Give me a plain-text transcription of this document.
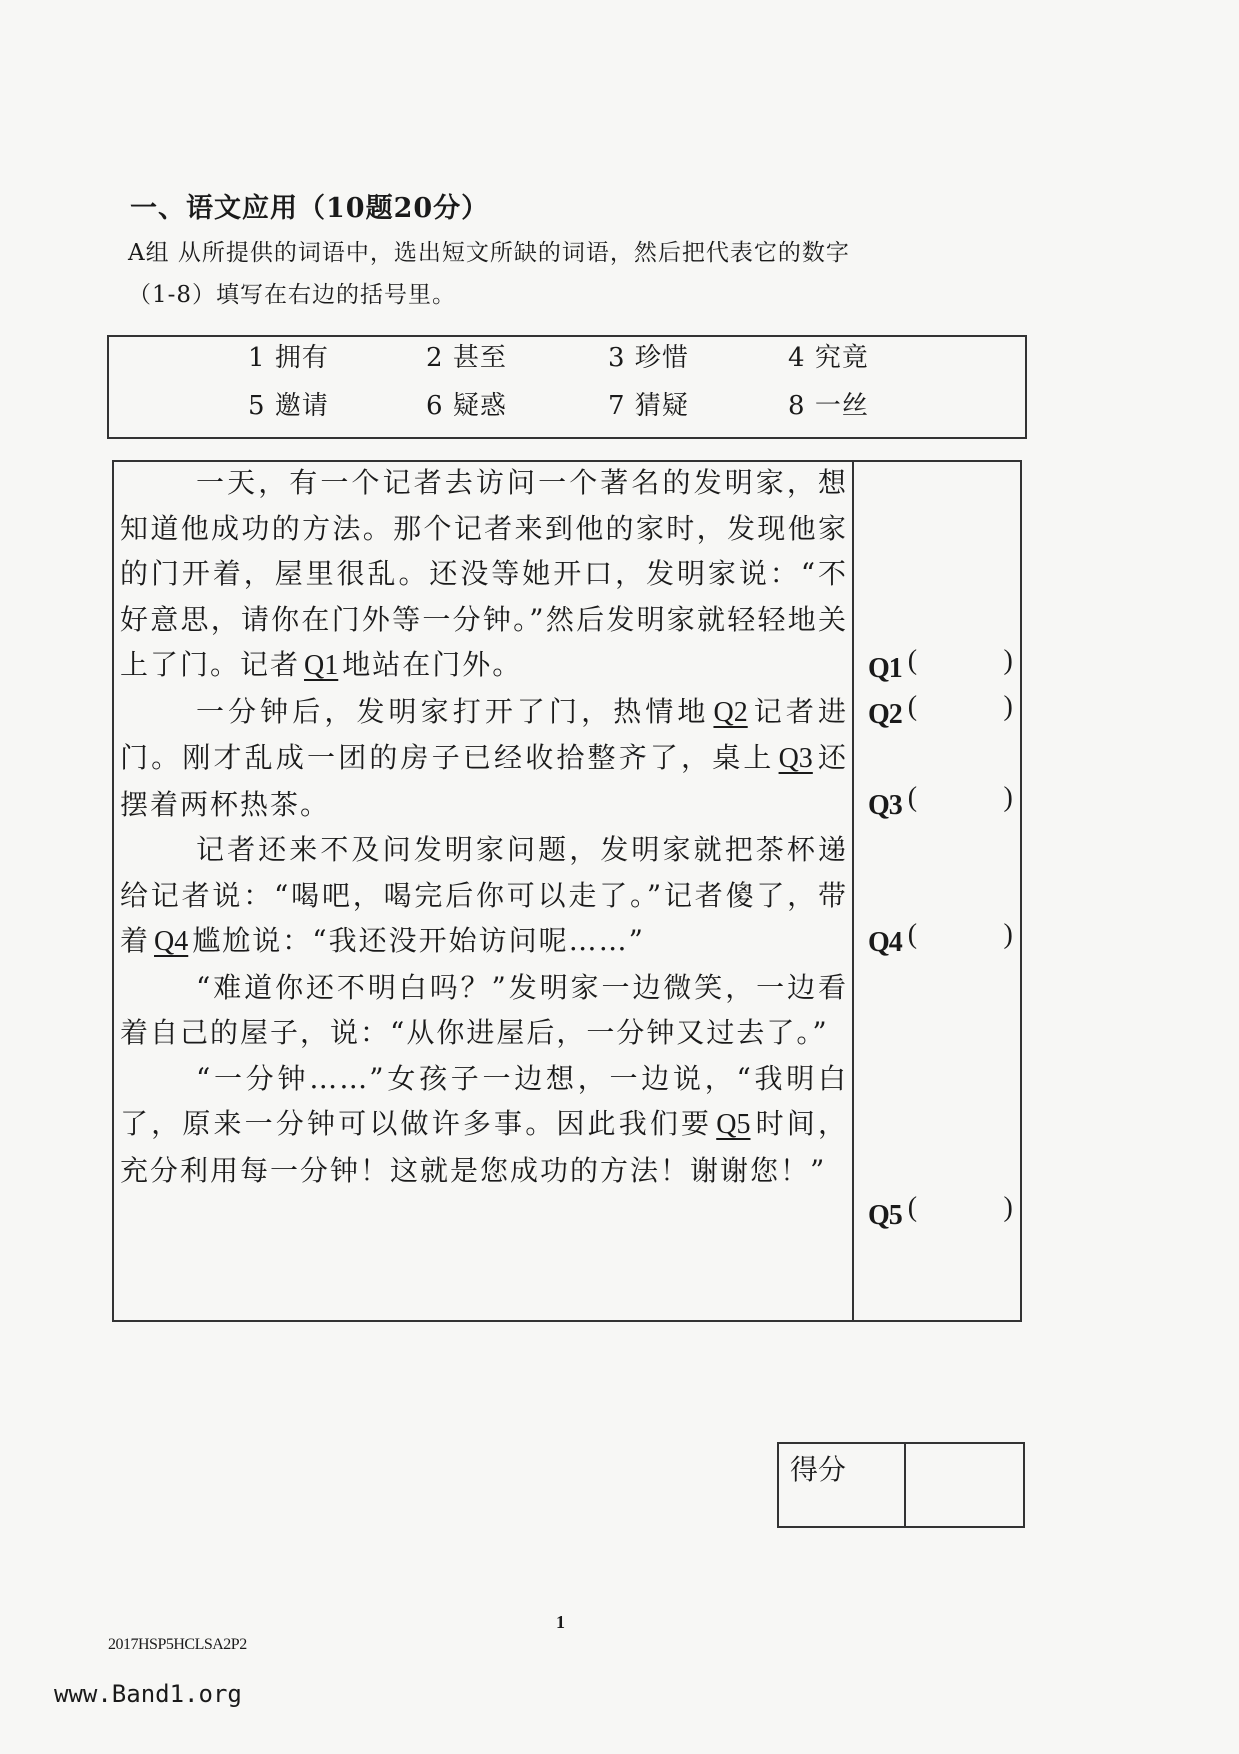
一、语文应用（10题20分）
A组 从所提供的词语中，选出短文所缺的词语，然后把代表它的数字
（1-8）填写在右边的括号里。
1 拥有	2 甚至	3 珍惜	4 究竟
5 邀请	6 疑惑	7 猜疑	8 一丝

一天，有一个记者去访问一个著名的发明家，想知道他成功的方法。那个记者来到他的家时，发现他家的门开着，屋里很乱。还没等她开口，发明家说：“不好意思，请你在门外等一分钟。”然后发明家就轻轻地关上了门。记者 Q1 地站在门外。

一分钟后，发明家打开了门，热情地 Q2 记者进门。刚才乱成一团的房子已经收拾整齐了，桌上 Q3 还摆着两杯热茶。

记者还来不及问发明家问题，发明家就把茶杯递给记者说：“喝吧，喝完后你可以走了。”记者傻了，带着 Q4 尴尬说：“我还没开始访问呢……”

“难道你还不明白吗？”发明家一边微笑，一边看着自己的屋子，说：“从你进屋后，一分钟又过去了。”

“一分钟……”女孩子一边想，一边说，“我明白了，原来一分钟可以做许多事。因此我们要 Q5 时间，充分利用每一分钟！这就是您成功的方法！谢谢您！”

Q1 (	)
Q2 (	)
Q3 (	)
Q4 (	)
Q5 (	)
得分
1
2017HSP5HCLSA2P2
www.Band1.org
